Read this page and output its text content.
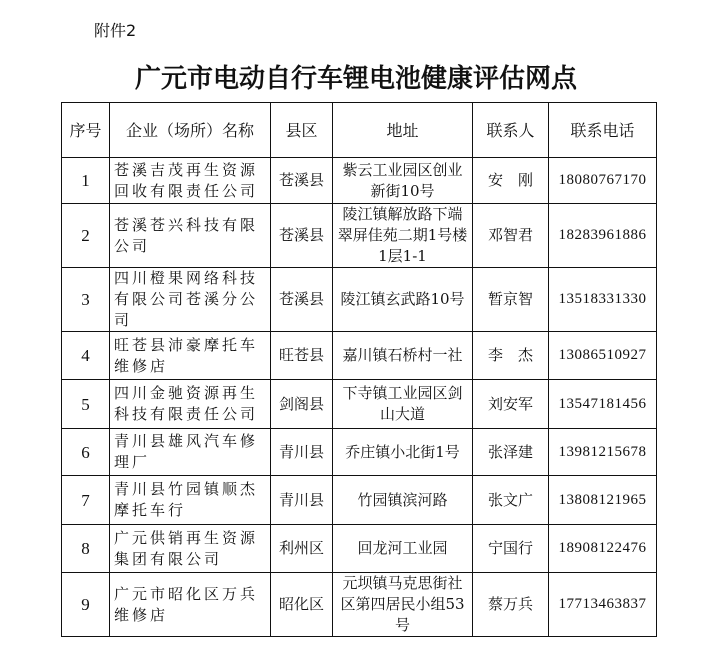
附件2
广元市电动自行车锂电池健康评估网点
序号	企业（场所）名称	县区	地址	联系人	联系电话
1	苍溪吉茂再生资源回收有限责任公司	苍溪县	紫云工业园区创业新街10号	安　刚	18080767170
2	苍溪苍兴科技有限公司	苍溪县	陵江镇解放路下端翠屏佳苑二期1号楼1层1-1	邓智君	18283961886
3	四川橙果网络科技有限公司苍溪分公司	苍溪县	陵江镇玄武路10号	暂京智	13518331330
4	旺苍县沛豪摩托车维修店	旺苍县	嘉川镇石桥村一社	李　杰	13086510927
5	四川金驰资源再生科技有限责任公司	剑阁县	下寺镇工业园区剑山大道	刘安军	13547181456
6	青川县雄风汽车修理厂	青川县	乔庄镇小北街1号	张泽建	13981215678
7	青川县竹园镇顺杰摩托车行	青川县	竹园镇滨河路	张文广	13808121965
8	广元供销再生资源集团有限公司	利州区	回龙河工业园	宁国行	18908122476
9	广元市昭化区万兵维修店	昭化区	元坝镇马克思街社区第四居民小组53号	蔡万兵	17713463837
